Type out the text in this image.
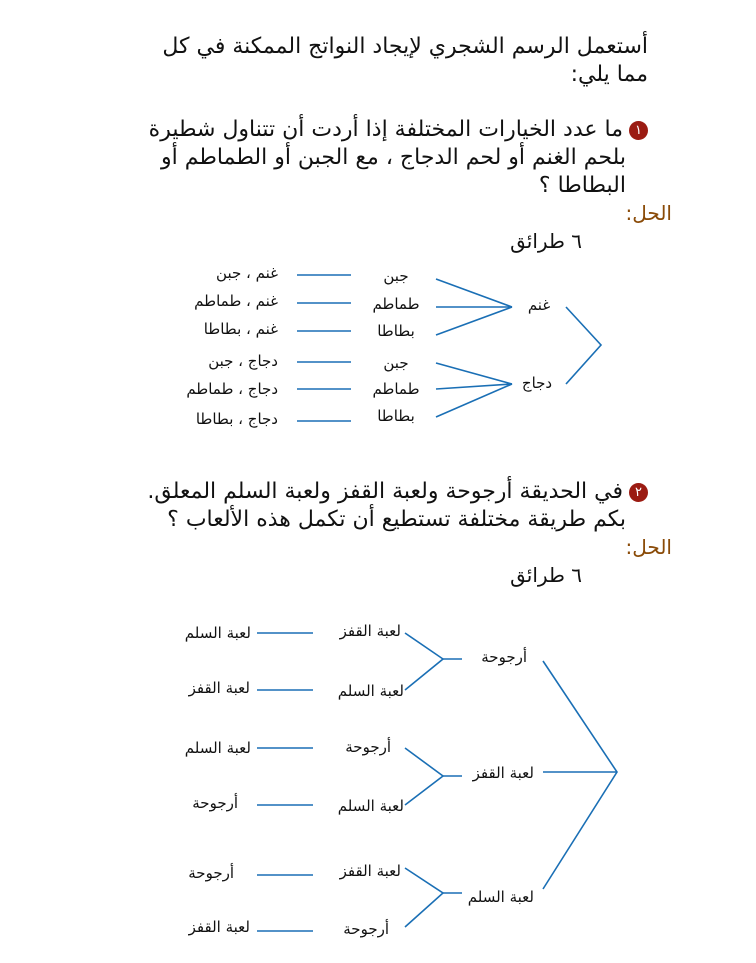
أستعمل الرسم الشجري لإيجاد النواتج الممكنة في كل
مما يلي:
١ما عدد الخيارات المختلفة إذا أردت أن تتناول شطيرة
بلحم الغنم أو لحم الدجاج ، مع الجبن أو الطماطم أو
البطاطا ؟
الحل:
٦ طرائق
٢في الحديقة أرجوحة ولعبة القفز ولعبة السلم المعلق.
بكم طريقة مختلفة تستطيع أن تكمل هذه الألعاب ؟
الحل:
٦ طرائق
غنم
دجاج
جبن
طماطم
بطاطا
جبن
طماطم
بطاطا
غنم ، جبن
غنم ، طماطم
غنم ، بطاطا
دجاج ، جبن
دجاج ، طماطم
دجاج ، بطاطا
أرجوحة
لعبة القفز
لعبة السلم
لعبة القفز
لعبة السلم
أرجوحة
لعبة السلم
لعبة القفز
أرجوحة
لعبة السلم
لعبة القفز
لعبة السلم
أرجوحة
أرجوحة
لعبة القفز
